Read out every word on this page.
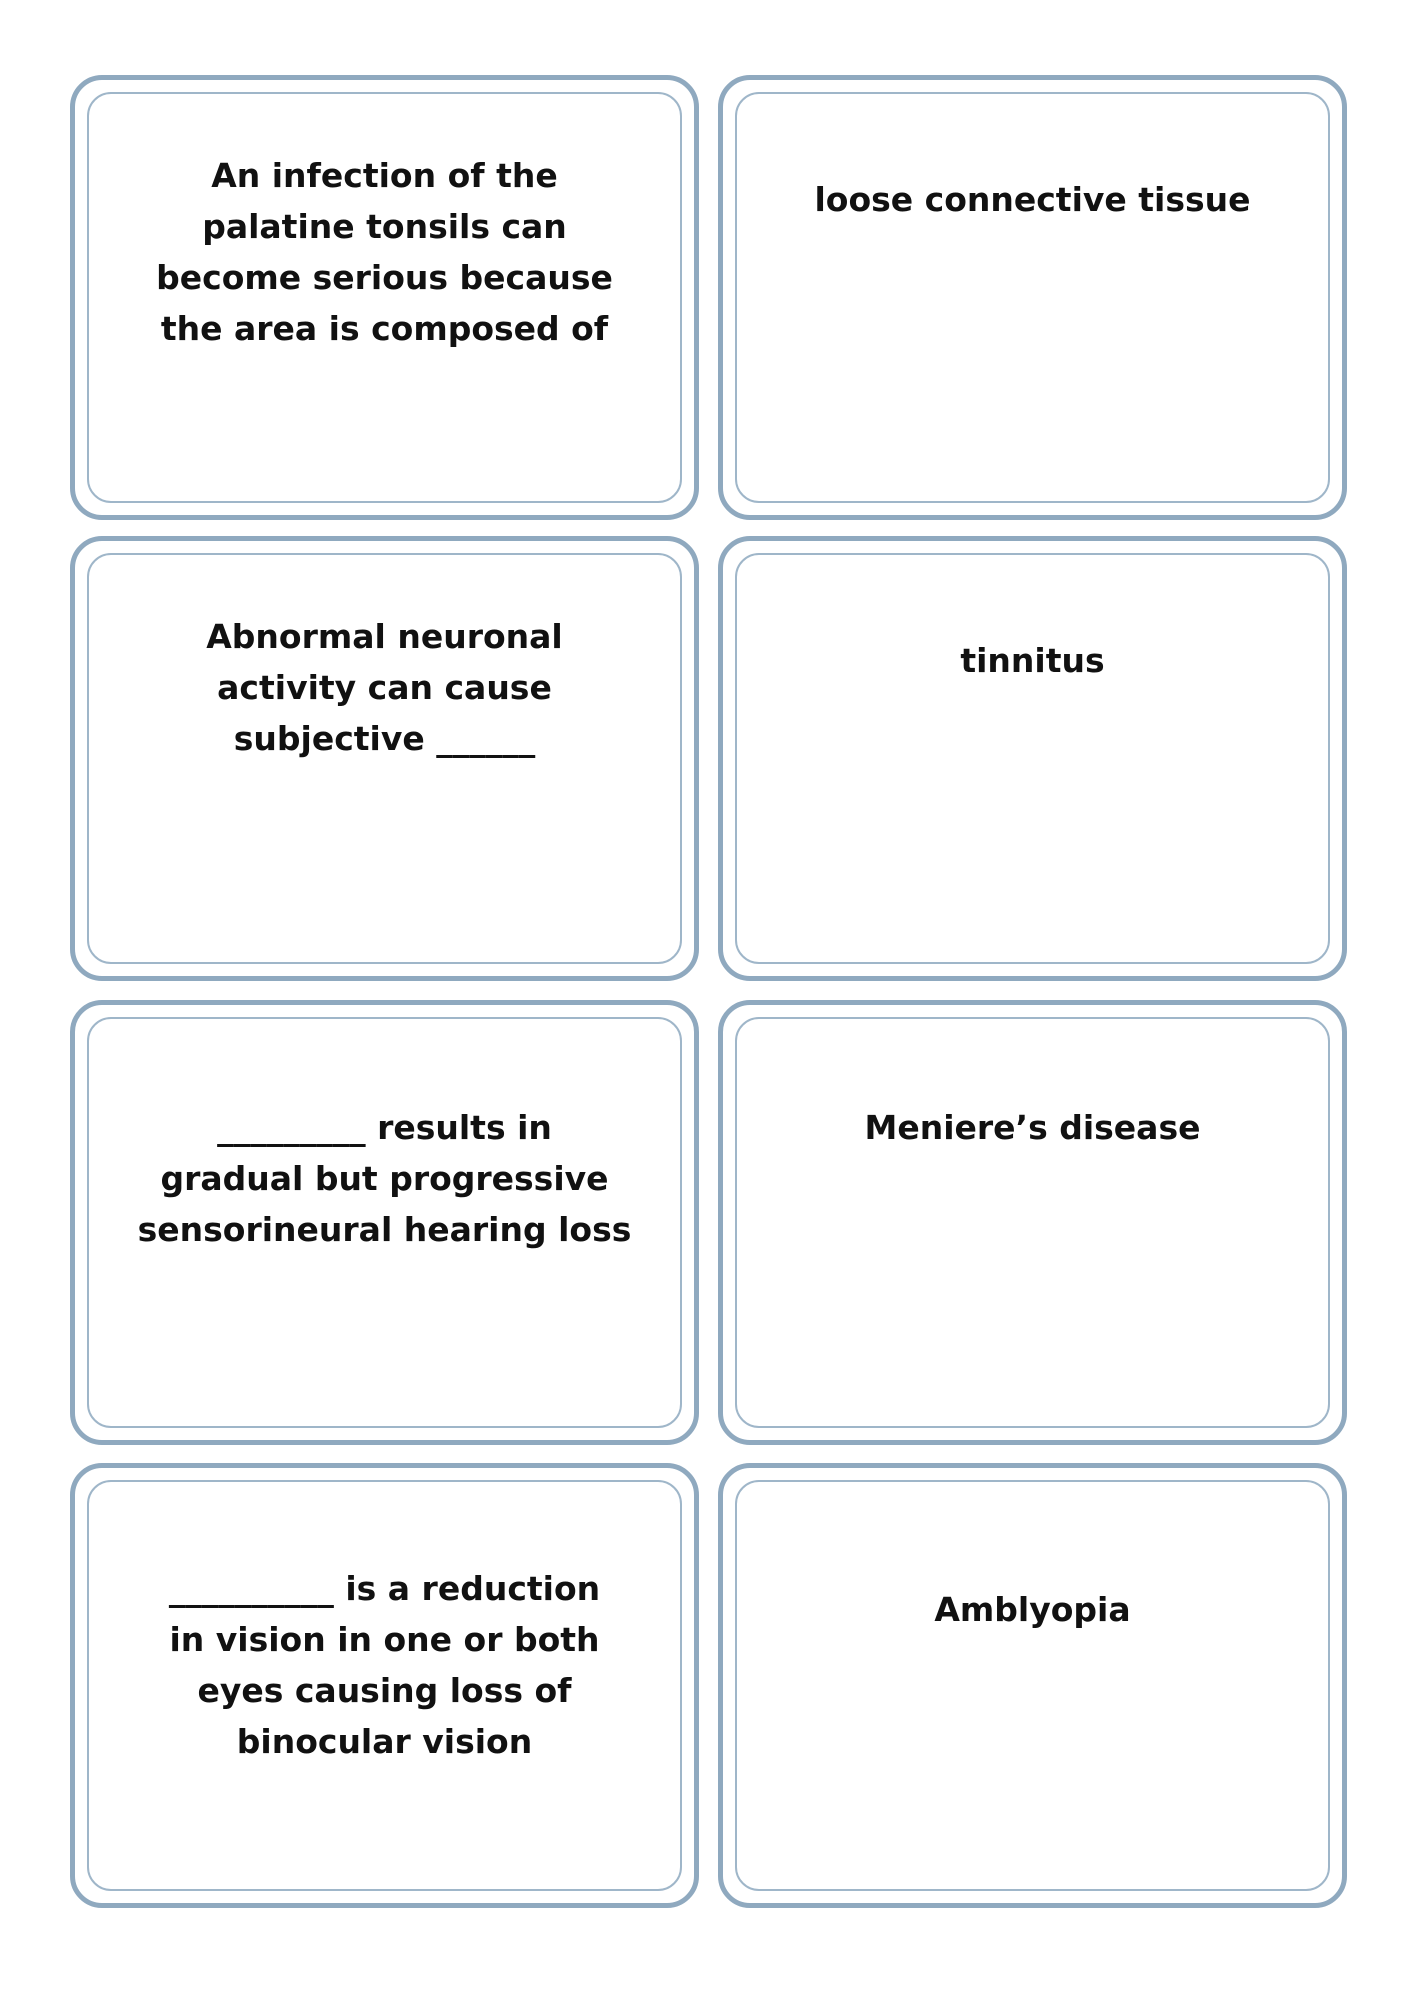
An infection of the
palatine tonsils can
become serious because
the area is composed of
loose connective tissue
Abnormal neuronal
activity can cause
subjective ______
tinnitus
_________ results in
gradual but progressive
sensorineural hearing loss
Meniere’s disease
__________ is a reduction
in vision in one or both
eyes causing loss of
binocular vision
Amblyopia
